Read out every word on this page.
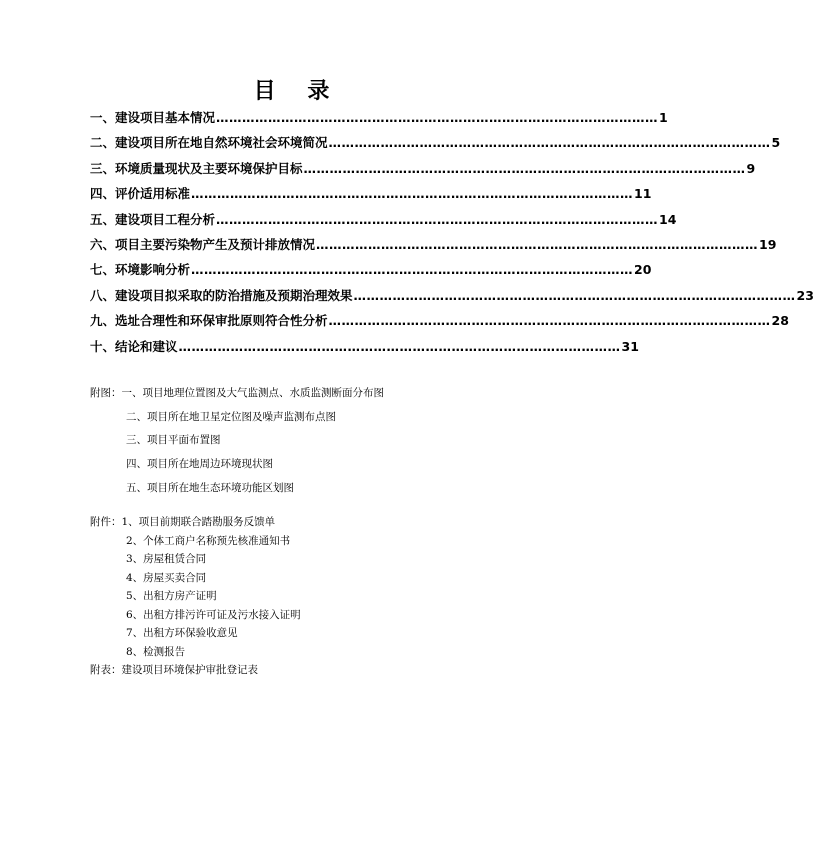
目 录
一、建设项目基本情况 ………………………………………………………………………………………… 1
二、建设项目所在地自然环境社会环境简况 ………………………………………………………………………………………… 5
三、环境质量现状及主要环境保护目标 ………………………………………………………………………………………… 9
四、评价适用标准 ………………………………………………………………………………………… 11
五、建设项目工程分析 ………………………………………………………………………………………… 14
六、项目主要污染物产生及预计排放情况 ………………………………………………………………………………………… 19
七、环境影响分析 ………………………………………………………………………………………… 20
八、建设项目拟采取的防治措施及预期治理效果 ………………………………………………………………………………………… 23
九、选址合理性和环保审批原则符合性分析 ………………………………………………………………………………………… 28
十、结论和建议 ………………………………………………………………………………………… 31
附图：一、项目地理位置图及大气监测点、水质监测断面分布图
二、项目所在地卫星定位图及噪声监测布点图
三、项目平面布置图
四、项目所在地周边环境现状图
五、项目所在地生态环境功能区划图
附件：1、项目前期联合踏勘服务反馈单
2、个体工商户名称预先核准通知书
3、房屋租赁合同
4、房屋买卖合同
5、出租方房产证明
6、出租方排污许可证及污水接入证明
7、出租方环保验收意见
8、检测报告
附表：建设项目环境保护审批登记表
